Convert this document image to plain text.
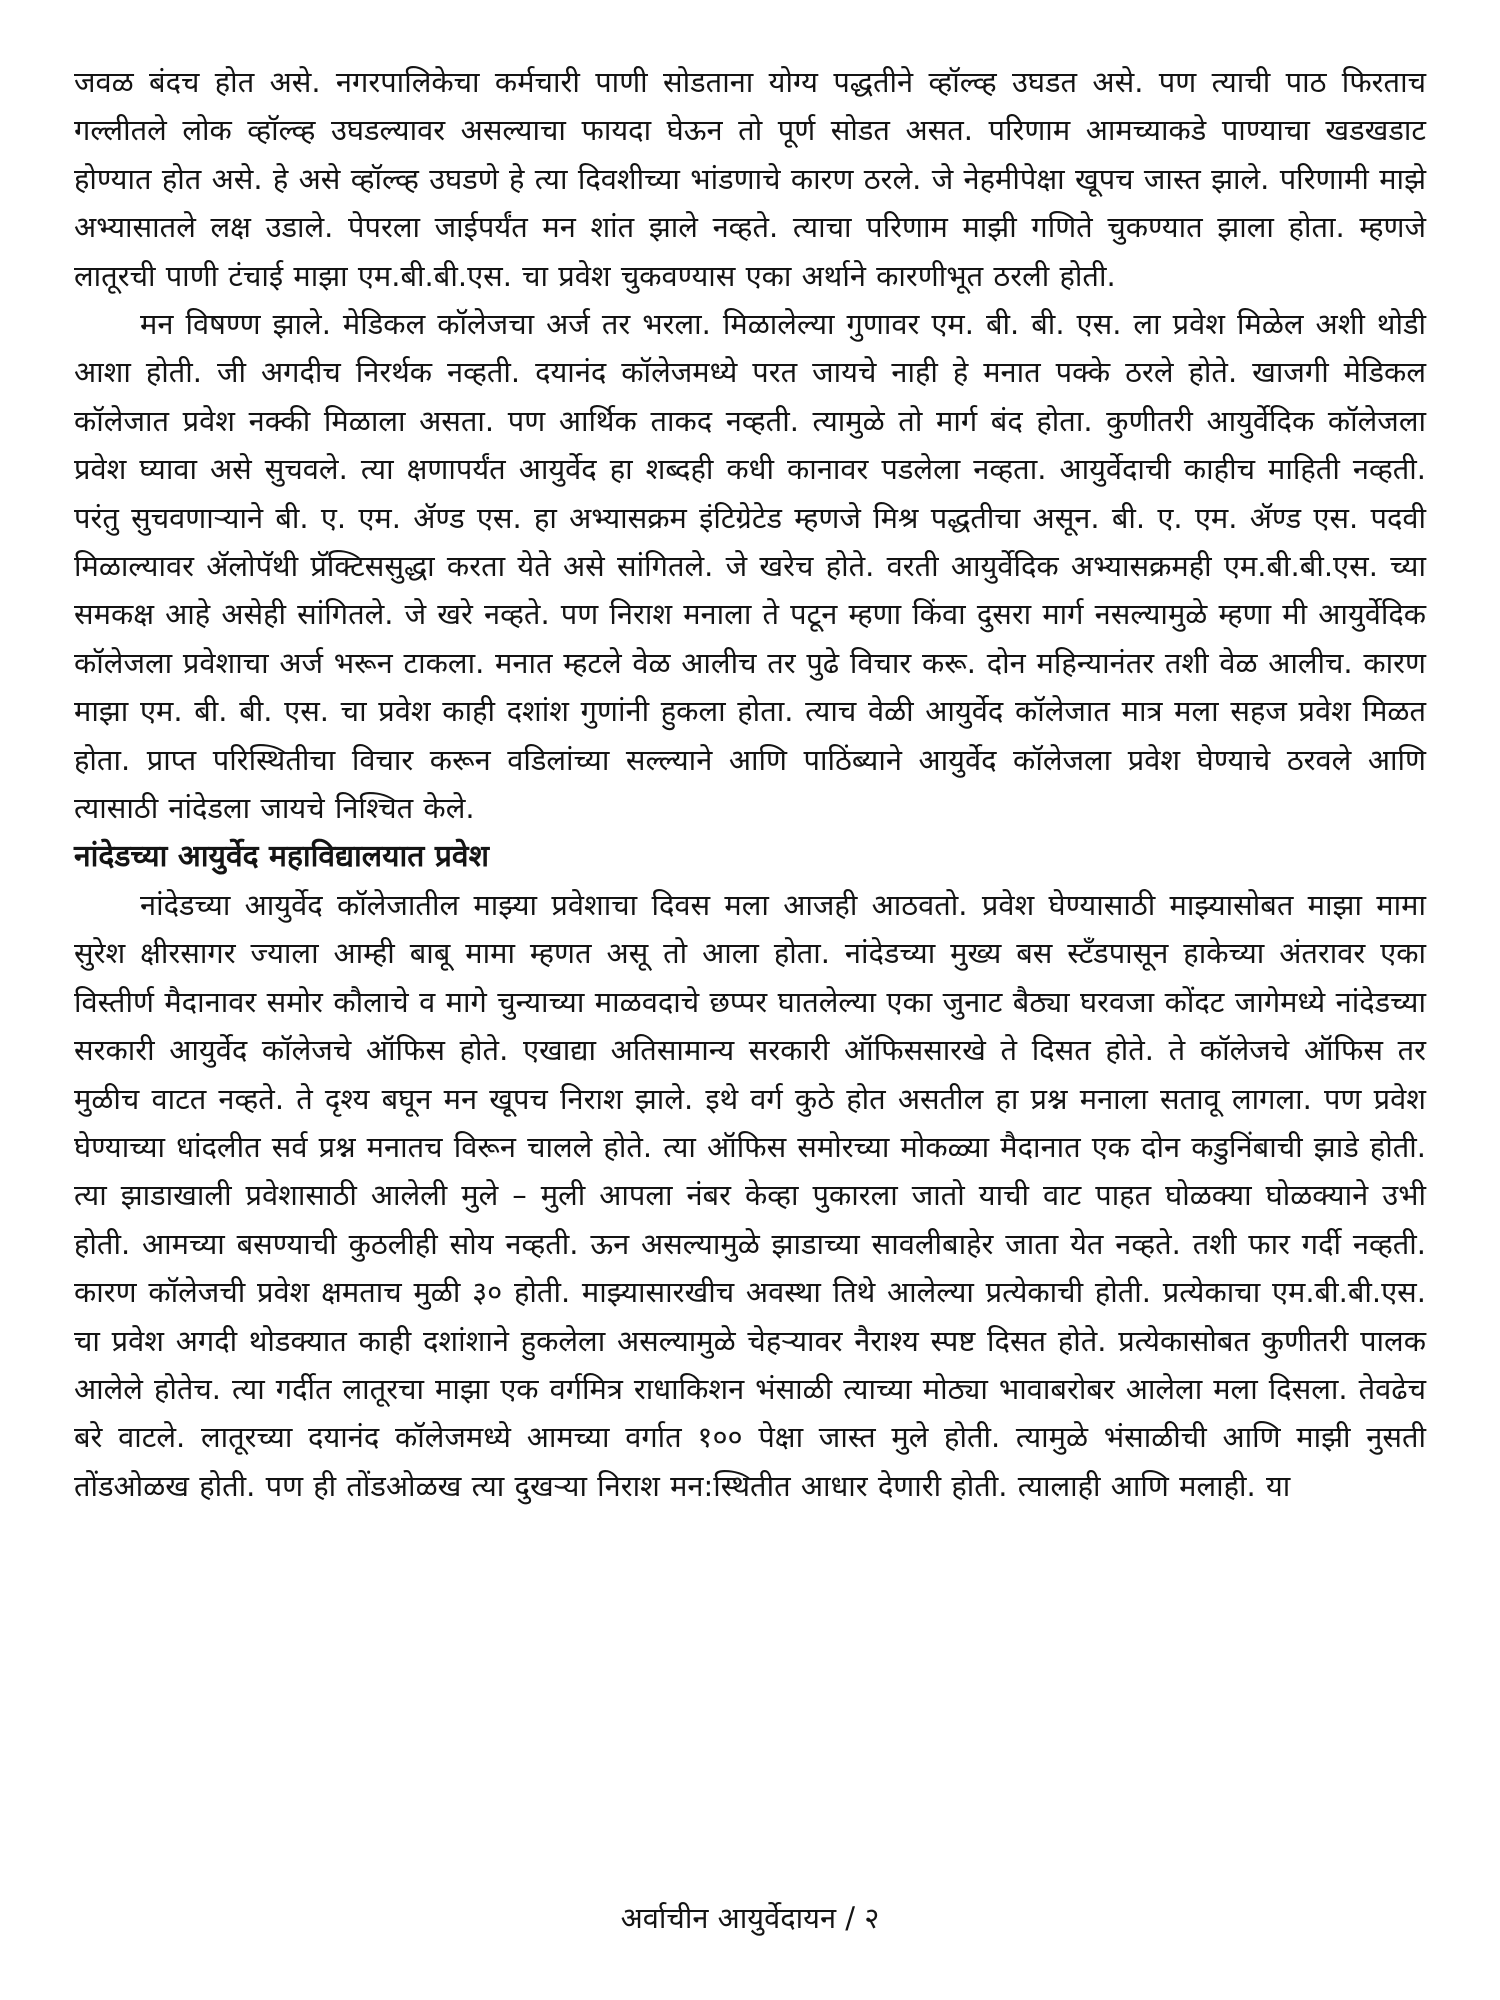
जवळ बंदच होत असे. नगरपालिकेचा कर्मचारी पाणी सोडताना योग्य पद्धतीने व्हॉल्व्ह उघडत असे. पण त्याची पाठ फिरताच गल्लीतले लोक व्हॉल्व्ह उघडल्यावर असल्याचा फायदा घेऊन तो पूर्ण सोडत असत. परिणाम आमच्याकडे पाण्याचा खडखडाट होण्यात होत असे. हे असे व्हॉल्व्ह उघडणे हे त्या दिवशीच्या भांडणाचे कारण ठरले. जे नेहमीपेक्षा खूपच जास्त झाले. परिणामी माझे अभ्यासातले लक्ष उडाले. पेपरला जाईपर्यंत मन शांत झाले नव्हते. त्याचा परिणाम माझी गणिते चुकण्यात झाला होता. म्हणजे लातूरची पाणी टंचाई माझा एम.बी.बी.एस. चा प्रवेश चुकवण्यास एका अर्थाने कारणीभूत ठरली होती.

मन विषण्ण झाले. मेडिकल कॉलेजचा अर्ज तर भरला. मिळालेल्या गुणावर एम. बी. बी. एस. ला प्रवेश मिळेल अशी थोडी आशा होती. जी अगदीच निरर्थक नव्हती. दयानंद कॉलेजमध्ये परत जायचे नाही हे मनात पक्के ठरले होते. खाजगी मेडिकल कॉलेजात प्रवेश नक्की मिळाला असता. पण आर्थिक ताकद नव्हती. त्यामुळे तो मार्ग बंद होता. कुणीतरी आयुर्वेदिक कॉलेजला प्रवेश घ्यावा असे सुचवले. त्या क्षणापर्यंत आयुर्वेद हा शब्दही कधी कानावर पडलेला नव्हता. आयुर्वेदाची काहीच माहिती नव्हती. परंतु सुचवणाऱ्याने बी. ए. एम. ॲण्ड एस. हा अभ्यासक्रम इंटिग्रेटेड म्हणजे मिश्र पद्धतीचा असून. बी. ए. एम. ॲण्ड एस. पदवी मिळाल्यावर ॲलोपॅथी प्रॅक्टिससुद्धा करता येते असे सांगितले. जे खरेच होते. वरती आयुर्वेदिक अभ्यासक्रमही एम.बी.बी.एस. च्या समकक्ष आहे असेही सांगितले. जे खरे नव्हते. पण निराश मनाला ते पटून म्हणा किंवा दुसरा मार्ग नसल्यामुळे म्हणा मी आयुर्वेदिक कॉलेजला प्रवेशाचा अर्ज भरून टाकला. मनात म्हटले वेळ आलीच तर पुढे विचार करू. दोन महिन्यानंतर तशी वेळ आलीच. कारण माझा एम. बी. बी. एस. चा प्रवेश काही दशांश गुणांनी हुकला होता. त्याच वेळी आयुर्वेद कॉलेजात मात्र मला सहज प्रवेश मिळत होता. प्राप्त परिस्थितीचा विचार करून वडिलांच्या सल्ल्याने आणि पाठिंब्याने आयुर्वेद कॉलेजला प्रवेश घेण्याचे ठरवले आणि त्यासाठी नांदेडला जायचे निश्चित केले.

नांदेडच्या आयुर्वेद महाविद्यालयात प्रवेश

नांदेडच्या आयुर्वेद कॉलेजातील माझ्या प्रवेशाचा दिवस मला आजही आठवतो. प्रवेश घेण्यासाठी माझ्यासोबत माझा मामा सुरेश क्षीरसागर ज्याला आम्ही बाबू मामा म्हणत असू तो आला होता. नांदेडच्या मुख्य बस स्टँडपासून हाकेच्या अंतरावर एका विस्तीर्ण मैदानावर समोर कौलाचे व मागे चुन्याच्या माळवदाचे छप्पर घातलेल्या एका जुनाट बैठ्या घरवजा कोंदट जागेमध्ये नांदेडच्या सरकारी आयुर्वेद कॉलेजचे ऑफिस होते. एखाद्या अतिसामान्य सरकारी ऑफिससारखे ते दिसत होते. ते कॉलेजचे ऑफिस तर मुळीच वाटत नव्हते. ते दृश्य बघून मन खूपच निराश झाले. इथे वर्ग कुठे होत असतील हा प्रश्न मनाला सतावू लागला. पण प्रवेश घेण्याच्या धांदलीत सर्व प्रश्न मनातच विरून चालले होते. त्या ऑफिस समोरच्या मोकळ्या मैदानात एक दोन कडुनिंबाची झाडे होती. त्या झाडाखाली प्रवेशासाठी आलेली मुले – मुली आपला नंबर केव्हा पुकारला जातो याची वाट पाहत घोळक्या घोळक्याने उभी होती. आमच्या बसण्याची कुठलीही सोय नव्हती. ऊन असल्यामुळे झाडाच्या सावलीबाहेर जाता येत नव्हते. तशी फार गर्दी नव्हती. कारण कॉलेजची प्रवेश क्षमताच मुळी ३० होती. माझ्यासारखीच अवस्था तिथे आलेल्या प्रत्येकाची होती. प्रत्येकाचा एम.बी.बी.एस. चा प्रवेश अगदी थोडक्यात काही दशांशाने हुकलेला असल्यामुळे चेहऱ्यावर नैराश्य स्पष्ट दिसत होते. प्रत्येकासोबत कुणीतरी पालक आलेले होतेच. त्या गर्दीत लातूरचा माझा एक वर्गमित्र राधाकिशन भंसाळी त्याच्या मोठ्या भावाबरोबर आलेला मला दिसला. तेवढेच बरे वाटले. लातूरच्या दयानंद कॉलेजमध्ये आमच्या वर्गात १०० पेक्षा जास्त मुले होती. त्यामुळे भंसाळीची आणि माझी नुसती तोंडओळख होती. पण ही तोंडओळख त्या दुखऱ्या निराश मन:स्थितीत आधार देणारी होती. त्यालाही आणि मलाही. या

अर्वाचीन आयुर्वेदायन / २
